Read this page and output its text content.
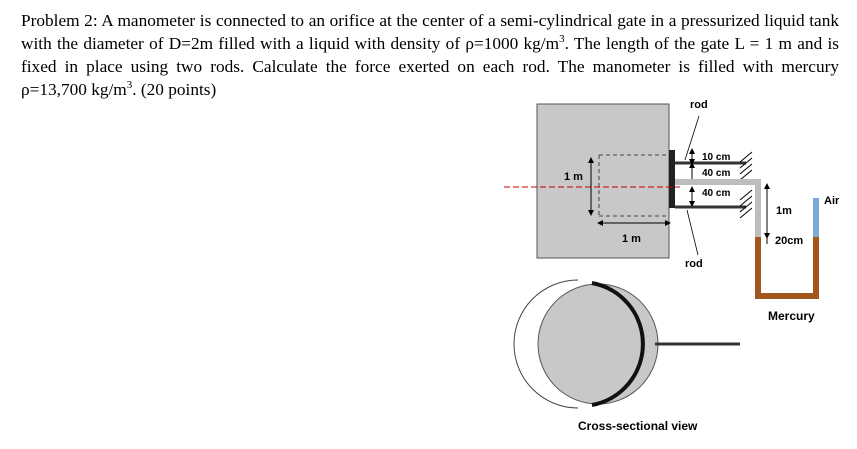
Problem 2: A manometer is connected to an orifice at the center of a semi-cylindrical gate in a pressurized liquid tank with the diameter of D=2m filled with a liquid with density of ρ=1000 $kg/m^3$. The length of the gate L = 1 m and is fixed in place using two rods. Calculate the force exerted on each rod. The manometer is filled with mercury ρ=13,700 $kg/m^3$. (20 points)

1 m
1 m
rod
rod
10 cm
40 cm
40 cm
1m
20cm
Air
Mercury
Cross-sectional view
